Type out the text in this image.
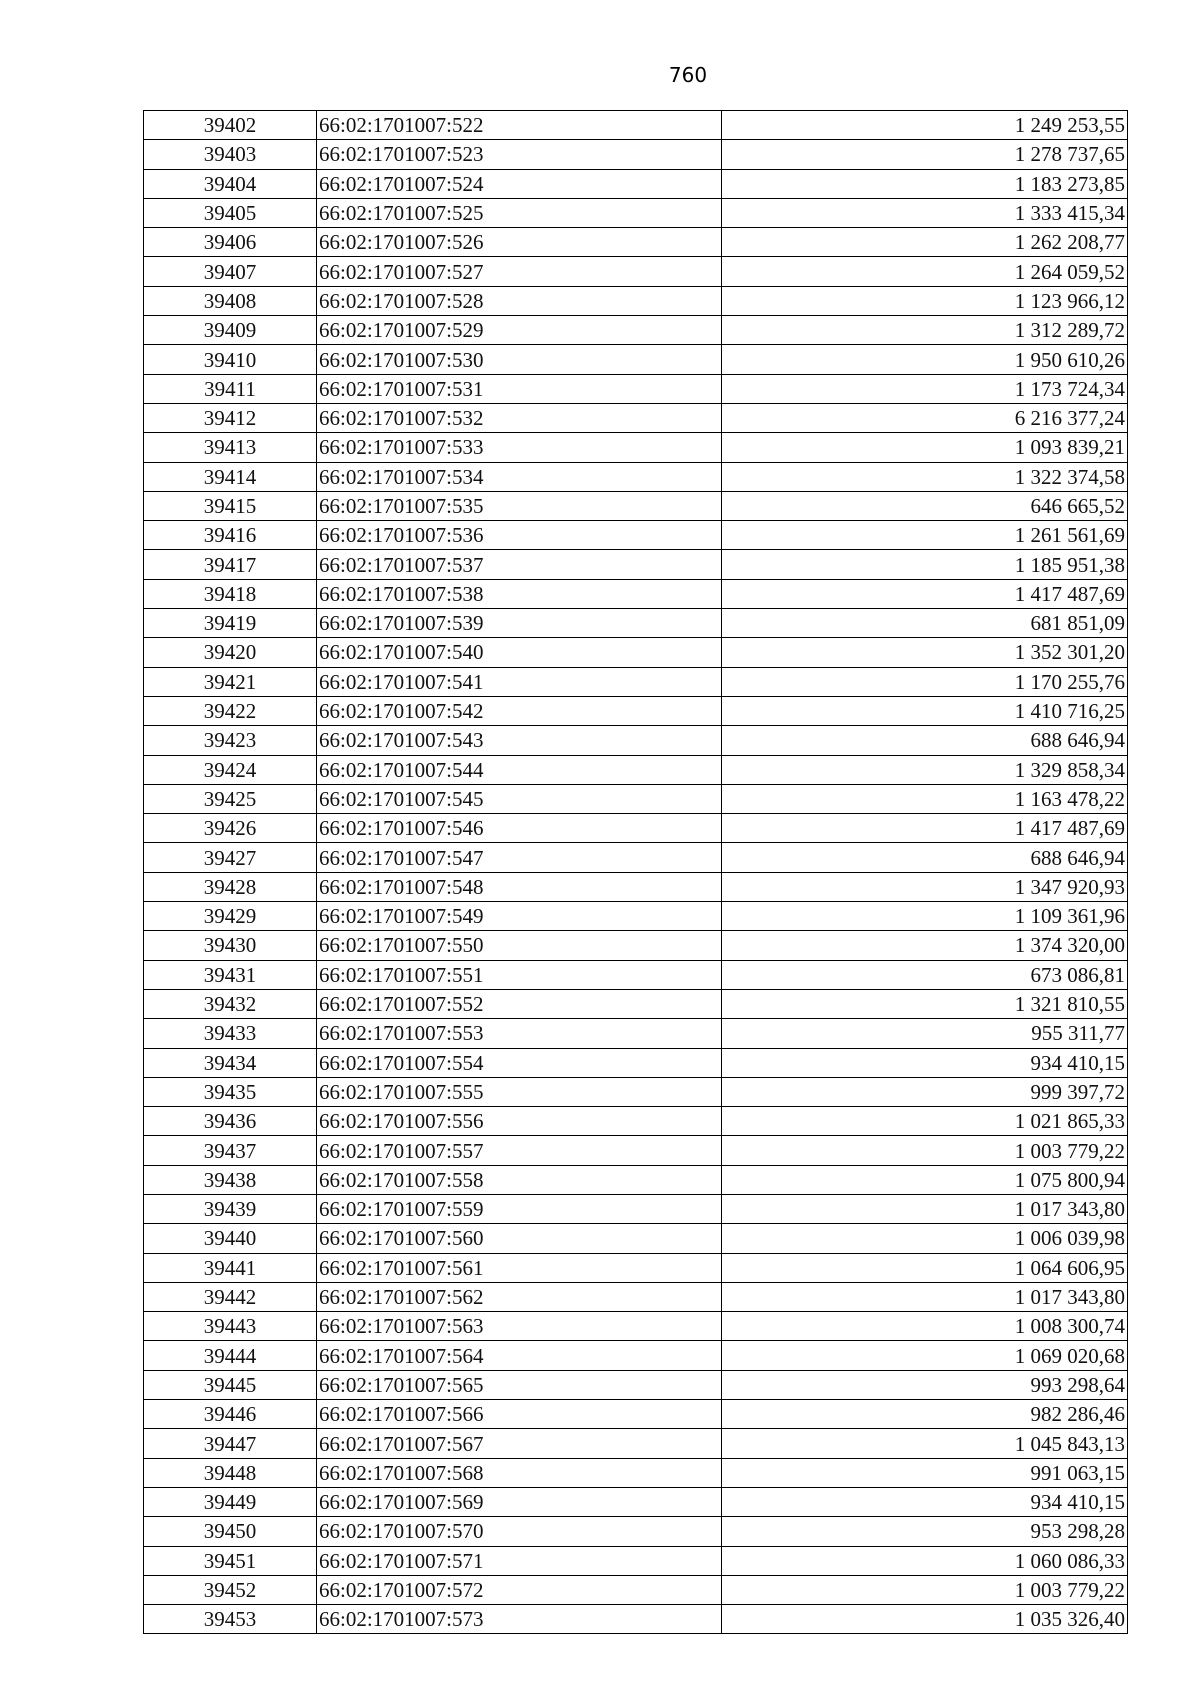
760
39402	66:02:1701007:522	1 249 253,55
39403	66:02:1701007:523	1 278 737,65
39404	66:02:1701007:524	1 183 273,85
39405	66:02:1701007:525	1 333 415,34
39406	66:02:1701007:526	1 262 208,77
39407	66:02:1701007:527	1 264 059,52
39408	66:02:1701007:528	1 123 966,12
39409	66:02:1701007:529	1 312 289,72
39410	66:02:1701007:530	1 950 610,26
39411	66:02:1701007:531	1 173 724,34
39412	66:02:1701007:532	6 216 377,24
39413	66:02:1701007:533	1 093 839,21
39414	66:02:1701007:534	1 322 374,58
39415	66:02:1701007:535	646 665,52
39416	66:02:1701007:536	1 261 561,69
39417	66:02:1701007:537	1 185 951,38
39418	66:02:1701007:538	1 417 487,69
39419	66:02:1701007:539	681 851,09
39420	66:02:1701007:540	1 352 301,20
39421	66:02:1701007:541	1 170 255,76
39422	66:02:1701007:542	1 410 716,25
39423	66:02:1701007:543	688 646,94
39424	66:02:1701007:544	1 329 858,34
39425	66:02:1701007:545	1 163 478,22
39426	66:02:1701007:546	1 417 487,69
39427	66:02:1701007:547	688 646,94
39428	66:02:1701007:548	1 347 920,93
39429	66:02:1701007:549	1 109 361,96
39430	66:02:1701007:550	1 374 320,00
39431	66:02:1701007:551	673 086,81
39432	66:02:1701007:552	1 321 810,55
39433	66:02:1701007:553	955 311,77
39434	66:02:1701007:554	934 410,15
39435	66:02:1701007:555	999 397,72
39436	66:02:1701007:556	1 021 865,33
39437	66:02:1701007:557	1 003 779,22
39438	66:02:1701007:558	1 075 800,94
39439	66:02:1701007:559	1 017 343,80
39440	66:02:1701007:560	1 006 039,98
39441	66:02:1701007:561	1 064 606,95
39442	66:02:1701007:562	1 017 343,80
39443	66:02:1701007:563	1 008 300,74
39444	66:02:1701007:564	1 069 020,68
39445	66:02:1701007:565	993 298,64
39446	66:02:1701007:566	982 286,46
39447	66:02:1701007:567	1 045 843,13
39448	66:02:1701007:568	991 063,15
39449	66:02:1701007:569	934 410,15
39450	66:02:1701007:570	953 298,28
39451	66:02:1701007:571	1 060 086,33
39452	66:02:1701007:572	1 003 779,22
39453	66:02:1701007:573	1 035 326,40
